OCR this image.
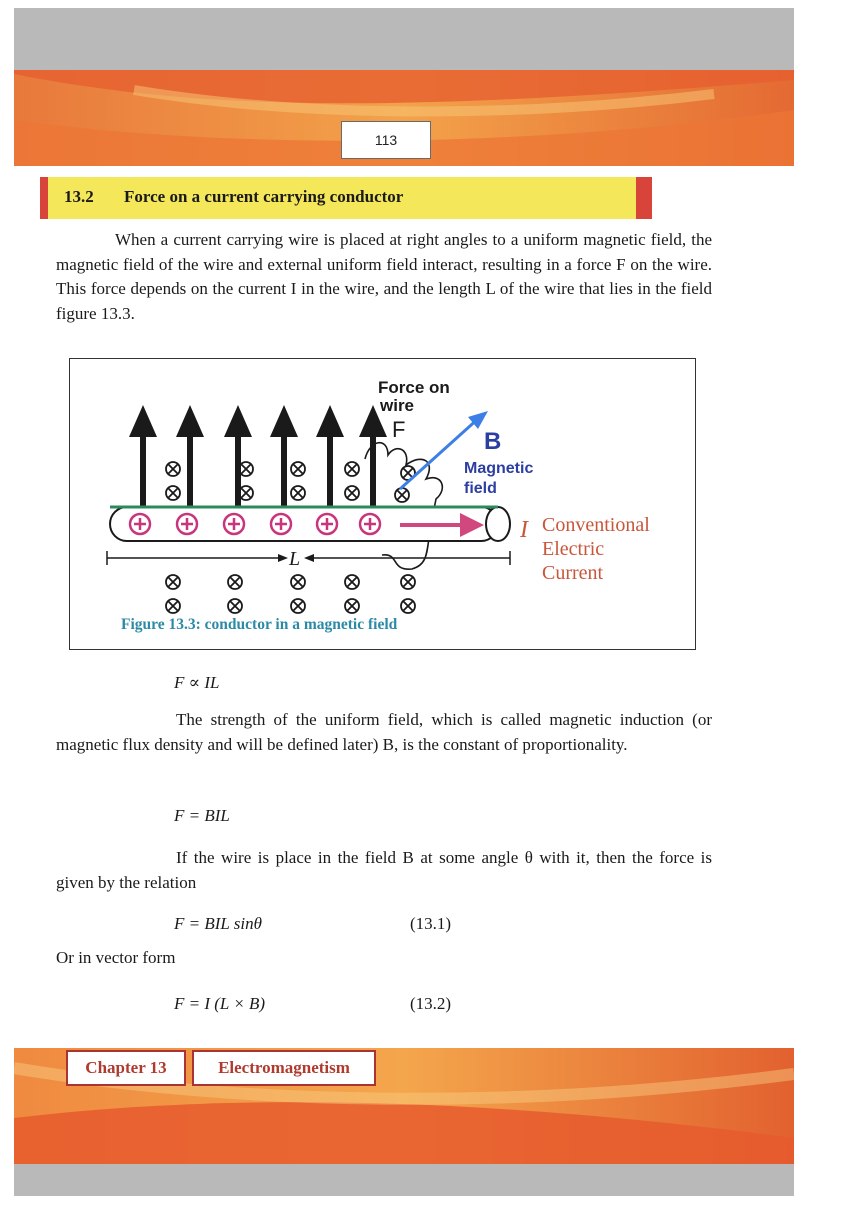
113
13.2 Force on a current carrying conductor

When a current carrying wire is placed at right angles to a uniform magnetic field, the magnetic field of the wire and external uniform field interact, resulting in a force F on the wire. This force depends on the current I in the wire, and the length L of the wire that lies in the field figure 13.3.

Force on
wire
F	B
Magnetic
field
I Conventional
Electric
Current
L
Figure 13.3: conductor in a magnetic field
F ∝ IL

The strength of the uniform field, which is called magnetic induction (or magnetic flux density and will be defined later) B, is the constant of proportionality.

F = BIL

If the wire is place in the field B at some angle θ with it, then the force is given by the relation

F = BIL sinθ	(13.1)
Or in vector form
F = I (L × B)	(13.2)
Chapter 13	Electromagnetism
